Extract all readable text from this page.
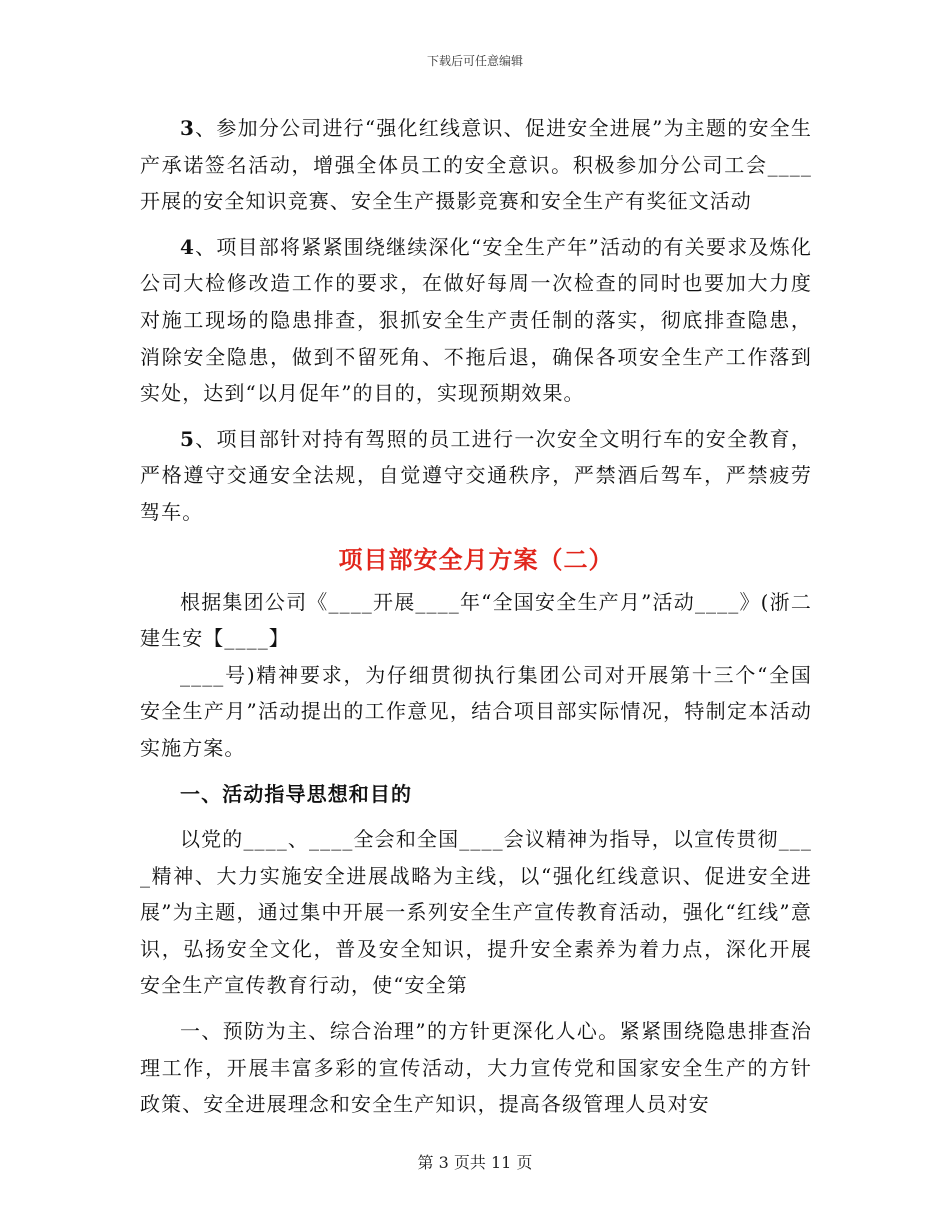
下载后可任意编辑

3、参加分公司进行“强化红线意识、促进安全进展”为主题的安全生产承诺签名活动，增强全体员工的安全意识。积极参加分公司工会____开展的安全知识竞赛、安全生产摄影竞赛和安全生产有奖征文活动

4、项目部将紧紧围绕继续深化“安全生产年”活动的有关要求及炼化公司大检修改造工作的要求，在做好每周一次检查的同时也要加大力度对施工现场的隐患排查，狠抓安全生产责任制的落实，彻底排查隐患，消除安全隐患，做到不留死角、不拖后退，确保各项安全生产工作落到实处，达到“以月促年”的目的，实现预期效果。

5、项目部针对持有驾照的员工进行一次安全文明行车的安全教育，严格遵守交通安全法规，自觉遵守交通秩序，严禁酒后驾车，严禁疲劳驾车。

项目部安全月方案（二）

根据集团公司《____开展____年“全国安全生产月”活动____》(浙二建生安【____】

____号)精神要求，为仔细贯彻执行集团公司对开展第十三个“全国安全生产月”活动提出的工作意见，结合项目部实际情况，特制定本活动实施方案。

一、活动指导思想和目的

以党的____、____全会和全国____会议精神为指导，以宣传贯彻____精神、大力实施安全进展战略为主线，以“强化红线意识、促进安全进展”为主题，通过集中开展一系列安全生产宣传教育活动，强化“红线”意识，弘扬安全文化，普及安全知识，提升安全素养为着力点，深化开展安全生产宣传教育行动，使“安全第

一、预防为主、综合治理”的方针更深化人心。紧紧围绕隐患排查治理工作，开展丰富多彩的宣传活动，大力宣传党和国家安全生产的方针政策、安全进展理念和安全生产知识，提高各级管理人员对安

第 3 页共 11 页
